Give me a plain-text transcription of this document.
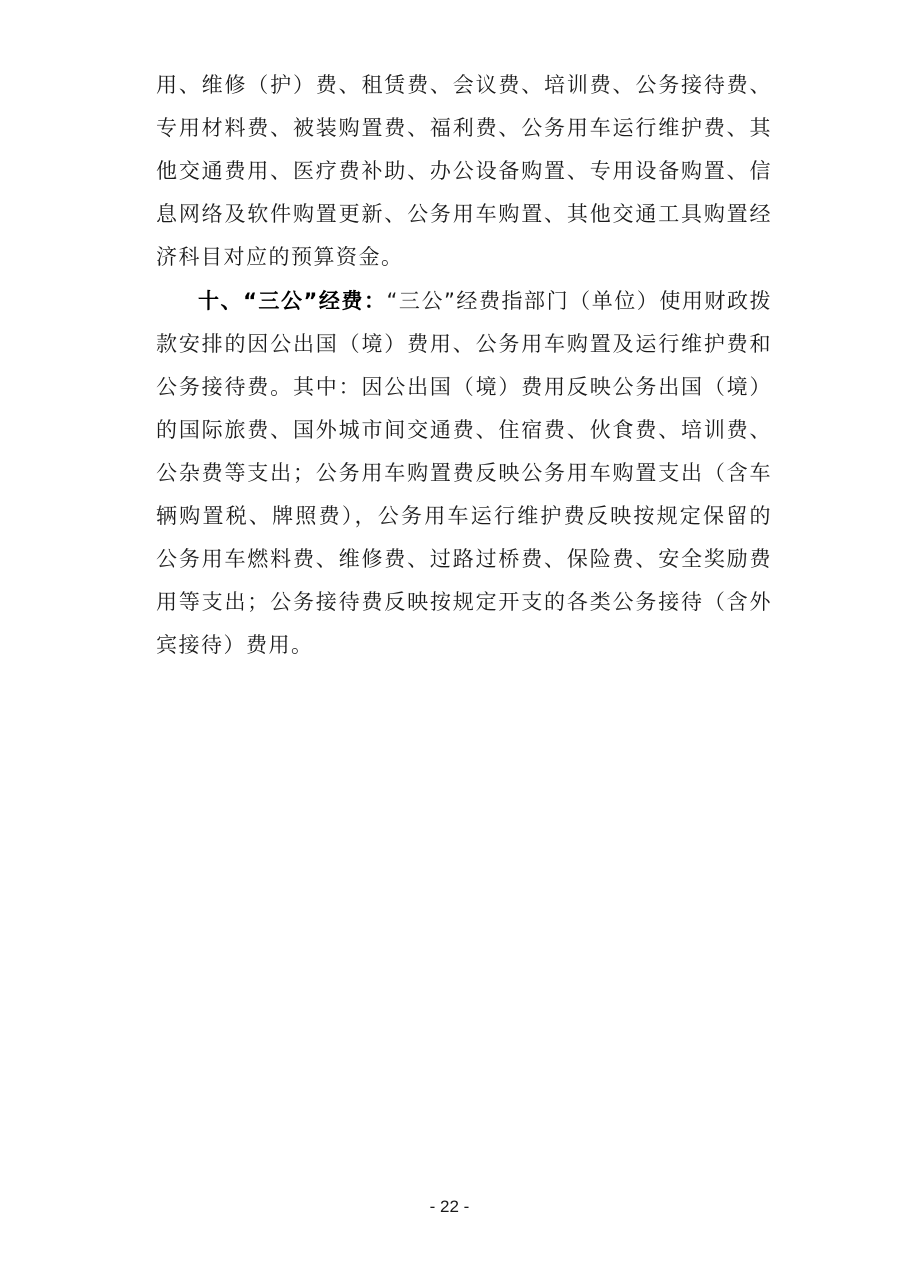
用、维修（护）费、租赁费、会议费、培训费、公务接待费、专用材料费、被装购置费、福利费、公务用车运行维护费、其他交通费用、医疗费补助、办公设备购置、专用设备购置、信息网络及软件购置更新、公务用车购置、其他交通工具购置经济科目对应的预算资金。

十、“三公”经费：“三公”经费指部门（单位）使用财政拨款安排的因公出国（境）费用、公务用车购置及运行维护费和公务接待费。其中：因公出国（境）费用反映公务出国（境）的国际旅费、国外城市间交通费、住宿费、伙食费、培训费、公杂费等支出；公务用车购置费反映公务用车购置支出（含车辆购置税、牌照费），公务用车运行维护费反映按规定保留的公务用车燃料费、维修费、过路过桥费、保险费、安全奖励费用等支出；公务接待费反映按规定开支的各类公务接待（含外宾接待）费用。

- 22 -
